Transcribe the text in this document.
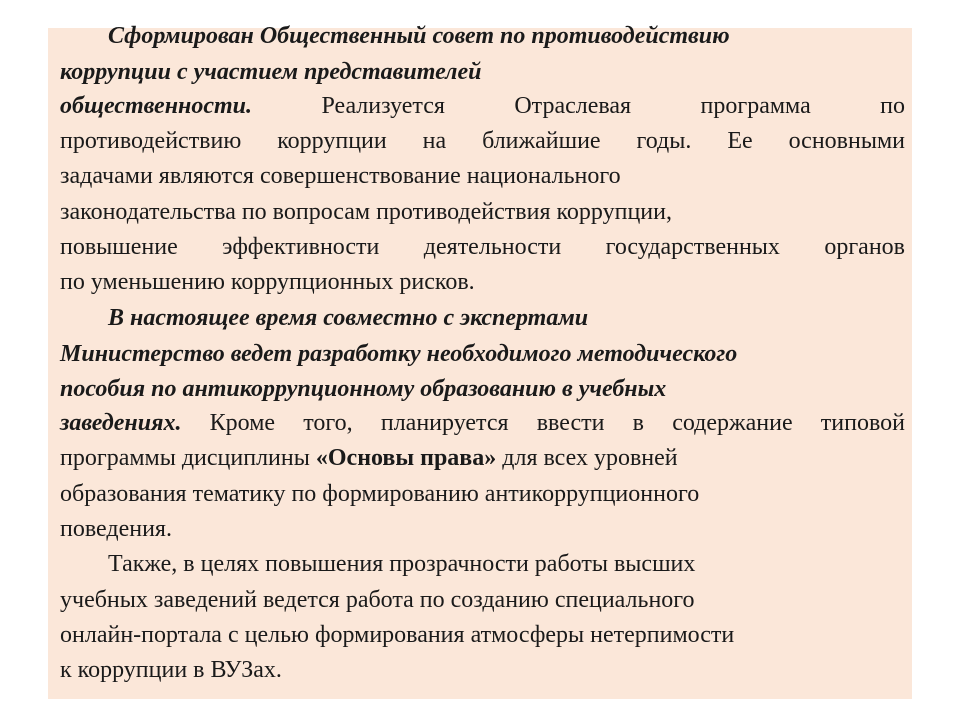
Сформирован Общественный совет по противодействию
коррупции с участием представителей
общественности. Реализуется Отраслевая программа по
противодействию коррупции на ближайшие годы. Ее основными
задачами являются совершенствование национального
законодательства по вопросам противодействия коррупции,
повышение эффективности деятельности государственных органов
по уменьшению коррупционных рисков.
В настоящее время совместно с экспертами
Министерство ведет разработку необходимого методического
пособия по антикоррупционному образованию в учебных
заведениях. Кроме того, планируется ввести в содержание типовой
программы дисциплины «Основы права» для всех уровней
образования тематику по формированию антикоррупционного
поведения.
Также, в целях повышения прозрачности работы высших
учебных заведений ведется работа по созданию специального
онлайн-портала с целью формирования атмосферы нетерпимости
к коррупции в ВУЗах.
